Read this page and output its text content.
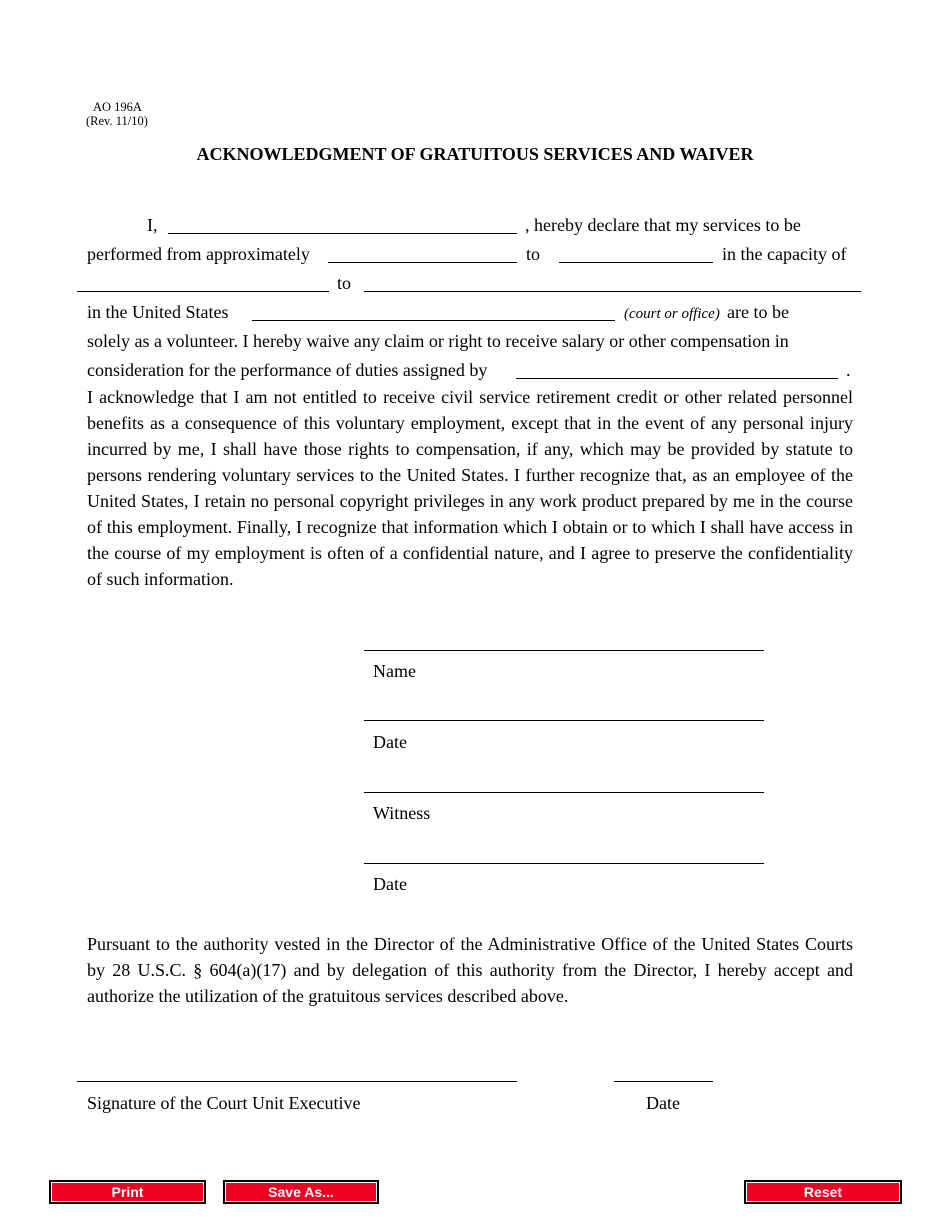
AO 196A
(Rev. 11/10)
ACKNOWLEDGMENT OF GRATUITOUS SERVICES AND WAIVER
I,	, hereby declare that my services to be
performed from approximately	to	in the capacity of
to
in the United States	(court or office) are to be
solely as a volunteer. I hereby waive any claim or right to receive salary or other compensation in
consideration for the performance of duties assigned by	.
I acknowledge that I am not entitled to receive civil service retirement credit or other related personnel benefits as a consequence of this voluntary employment, except that in the event of any personal injury incurred by me, I shall have those rights to compensation, if any, which may be provided by statute to persons rendering voluntary services to the United States. I further recognize that, as an employee of the United States, I retain no personal copyright privileges in any work product prepared by me in the course of this employment. Finally, I recognize that information which I obtain or to which I shall have access in the course of my employment is often of a confidential nature, and I agree to preserve the confidentiality of such information.
Name
Date
Witness
Date
Pursuant to the authority vested in the Director of the Administrative Office of the United States Courts by 28 U.S.C. § 604(a)(17) and by delegation of this authority from the Director, I hereby accept and authorize the utilization of the gratuitous services described above.
Signature of the Court Unit Executive	Date
Print	Save As...	Reset
